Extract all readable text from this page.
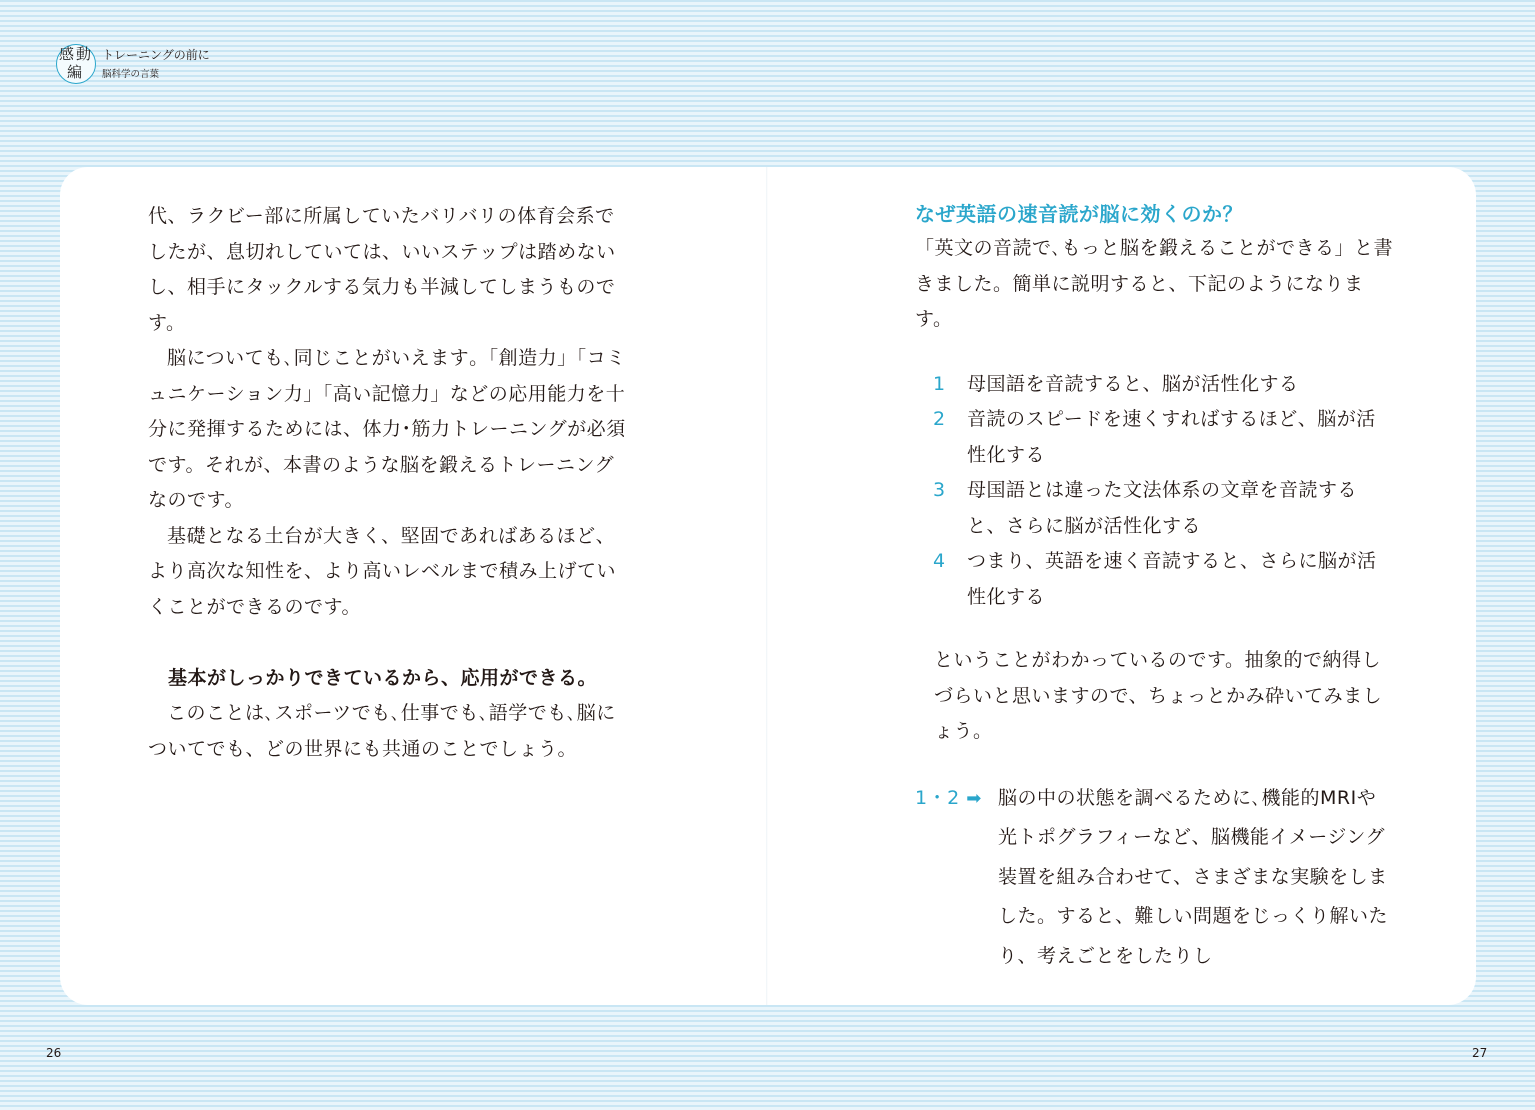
感 動
編
トレーニングの前に
脳科学の言葉

代、ラクビー部に所属していたバリバリの体育会系でしたが、息切れしていては、いいステップは踏めないし、相手にタックルする気力も半減してしまうものです。

脳についても､同じことがいえます｡「創造力」「コミュニケーション力」「高い記憶力」などの応用能力を十分に発揮するためには、体力･筋力トレーニングが必須です。それが、本書のような脳を鍛えるトレーニングなのです。

基礎となる土台が大きく、堅固であればあるほど、より高次な知性を、より高いレベルまで積み上げていくことができるのです。

基本がしっかりできているから、応用ができる。

このことは､スポーツでも､仕事でも､語学でも､脳についてでも、どの世界にも共通のことでしょう。

なぜ英語の速音読が脳に効くのか？

「英文の音読で､もっと脳を鍛えることができる」と書きました。簡単に説明すると、下記のようになります。

1 母国語を音読すると、脳が活性化する
2 音読のスピードを速くすればするほど、脳が活性化する
3 母国語とは違った文法体系の文章を音読すると、さらに脳が活性化する
4 つまり、英語を速く音読すると、さらに脳が活性化する

ということがわかっているのです。抽象的で納得しづらいと思いますので、ちょっとかみ砕いてみましょう。

1・2 ➡ 脳の中の状態を調べるために､機能的MRIや光トポグラフィーなど、脳機能イメージング装置を組み合わせて、さまざまな実験をしました。すると、難しい問題をじっくり解いたり、考えごとをしたりし
26	27
